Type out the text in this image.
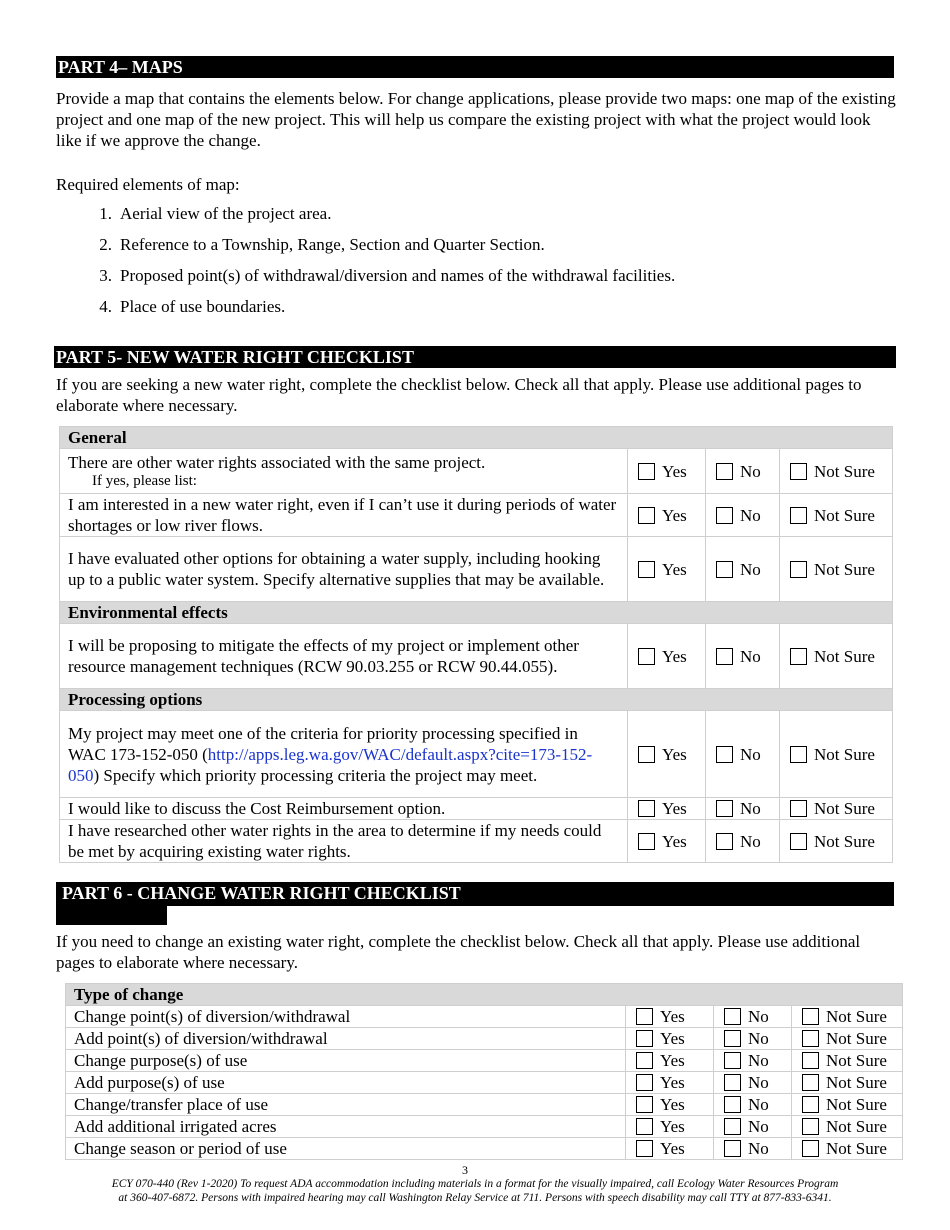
PART 4– MAPS
Provide a map that contains the elements below. For change applications, please provide two maps: one map of the existing project and one map of the new project. This will help us compare the existing project with what the project would look like if we approve the change.
Required elements of map:
1. Aerial view of the project area.
2. Reference to a Township, Range, Section and Quarter Section.
3. Proposed point(s) of withdrawal/diversion and names of the withdrawal facilities.
4. Place of use boundaries.
PART 5- NEW WATER RIGHT CHECKLIST
If you are seeking a new water right, complete the checklist below. Check all that apply. Please use additional pages to elaborate where necessary.
General			
There are other water rights associated with the same project.
If yes, please list:	Yes	No	Not Sure
I am interested in a new water right, even if I can’t use it during periods of water shortages or low river flows.	Yes	No	Not Sure
I have evaluated other options for obtaining a water supply, including hooking up to a public water system. Specify alternative supplies that may be available.	Yes	No	Not Sure
Environmental effects			
I will be proposing to mitigate the effects of my project or implement other resource management techniques (RCW 90.03.255 or RCW 90.44.055).	Yes	No	Not Sure
Processing options			
My project may meet one of the criteria for priority processing specified in WAC 173-152-050 (http://apps.leg.wa.gov/WAC/default.aspx?cite=173-152-050) Specify which priority processing criteria the project may meet.	Yes	No	Not Sure
I would like to discuss the Cost Reimbursement option.	Yes	No	Not Sure
I have researched other water rights in the area to determine if my needs could be met by acquiring existing water rights.	Yes	No	Not Sure
PART 6 - CHANGE WATER RIGHT CHECKLIST
If you need to change an existing water right, complete the checklist below. Check all that apply. Please use additional pages to elaborate where necessary.
Type of change			
Change point(s) of diversion/withdrawal	Yes	No	Not Sure
Add point(s) of diversion/withdrawal	Yes	No	Not Sure
Change purpose(s) of use	Yes	No	Not Sure
Add purpose(s) of use	Yes	No	Not Sure
Change/transfer place of use	Yes	No	Not Sure
Add additional irrigated acres	Yes	No	Not Sure
Change season or period of use	Yes	No	Not Sure
3
ECY 070-440 (Rev 1-2020) To request ADA accommodation including materials in a format for the visually impaired, call Ecology Water Resources Program
at 360-407-6872. Persons with impaired hearing may call Washington Relay Service at 711. Persons with speech disability may call TTY at 877-833-6341.
